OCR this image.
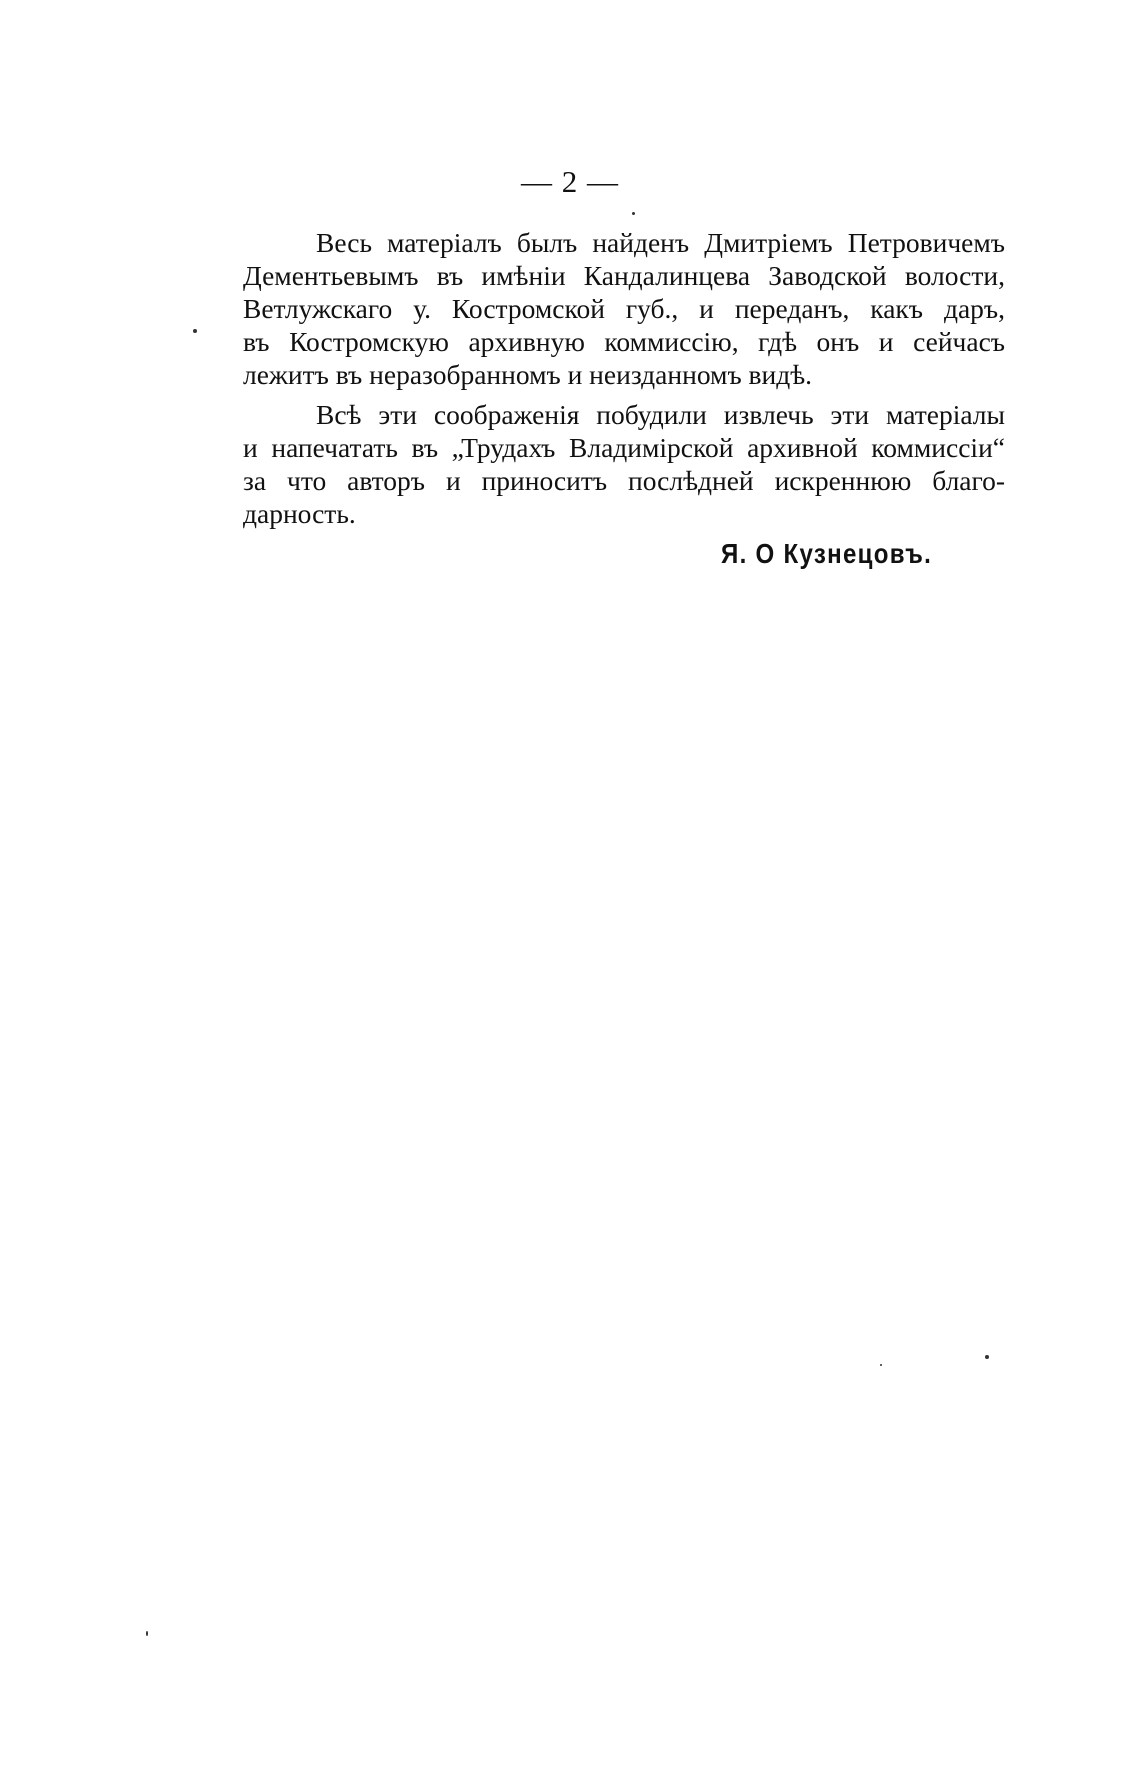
— 2 —
Весь матеріалъ былъ найденъ Дмитріемъ Петровичемъ
Дементьевымъ въ имѣніи Кандалинцева Заводской волости,
Ветлужскаго у. Костромской губ., и переданъ, какъ даръ,
въ Костромскую архивную коммиссію, гдѣ онъ и сейчасъ
лежитъ въ неразобранномъ и неизданномъ видѣ.
Всѣ эти соображенія побудили извлечь эти матеріалы
и напечатать въ „Трудахъ Владимірской архивной коммиссіи“
за что авторъ и приноситъ послѣдней искреннюю благо-
дарность.
Я. О Кузнецовъ.
